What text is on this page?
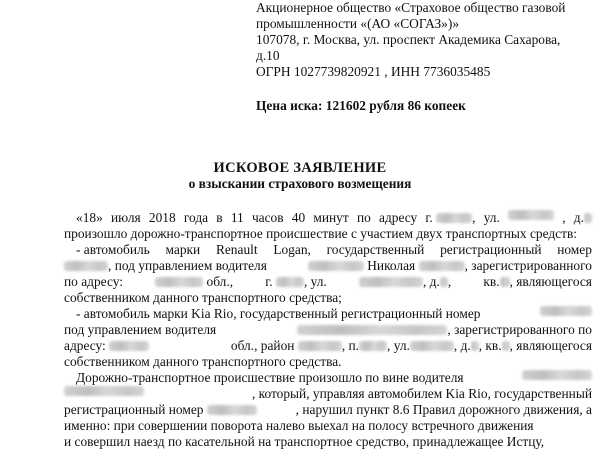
Акционерное общество «Страховое общество газовой
промышленности «(АО «СОГАЗ»)»
107078, г. Москва, ул. проспект Академика Сахарова,
д.10
ОГРН 1027739820921 , ИНН 7736035485
Цена иска: 121602 рубля 86 копеек
ИСКОВОЕ ЗАЯВЛЕНИЕ
о взыскании страхового возмещения
«18» июля 2018 года в 11 часов 40 минут по адресу г.	, ул.	, д.
произошло дорожно-транспортное происшествие с участием двух транспортных средств:
- автомобиль марки Renault Logan, государственный регистрационный номер
, под управлением водителя	Николая	, зарегистрированного
по адресу:	обл., г. , ул.	, д. , кв. , являющегося
собственником данного транспортного средства;
- автомобиль марки Kia Rio, государственный регистрационный номер
под управлением водителя	, зарегистрированного по
адресу:	обл., район	, п. , ул.	, д. , кв. , являющегося
собственником данного транспортного средства.
Дорожно-транспортное происшествие произошло по вине водителя
, который, управляя автомобилем Kia Rio, государственный
регистрационный номер	, нарушил пункт 8.6 Правил дорожного движения, а
именно: при совершении поворота налево выехал на полосу встречного движения
и совершил наезд по касательной на транспортное средство, принадлежащее Истцу,
